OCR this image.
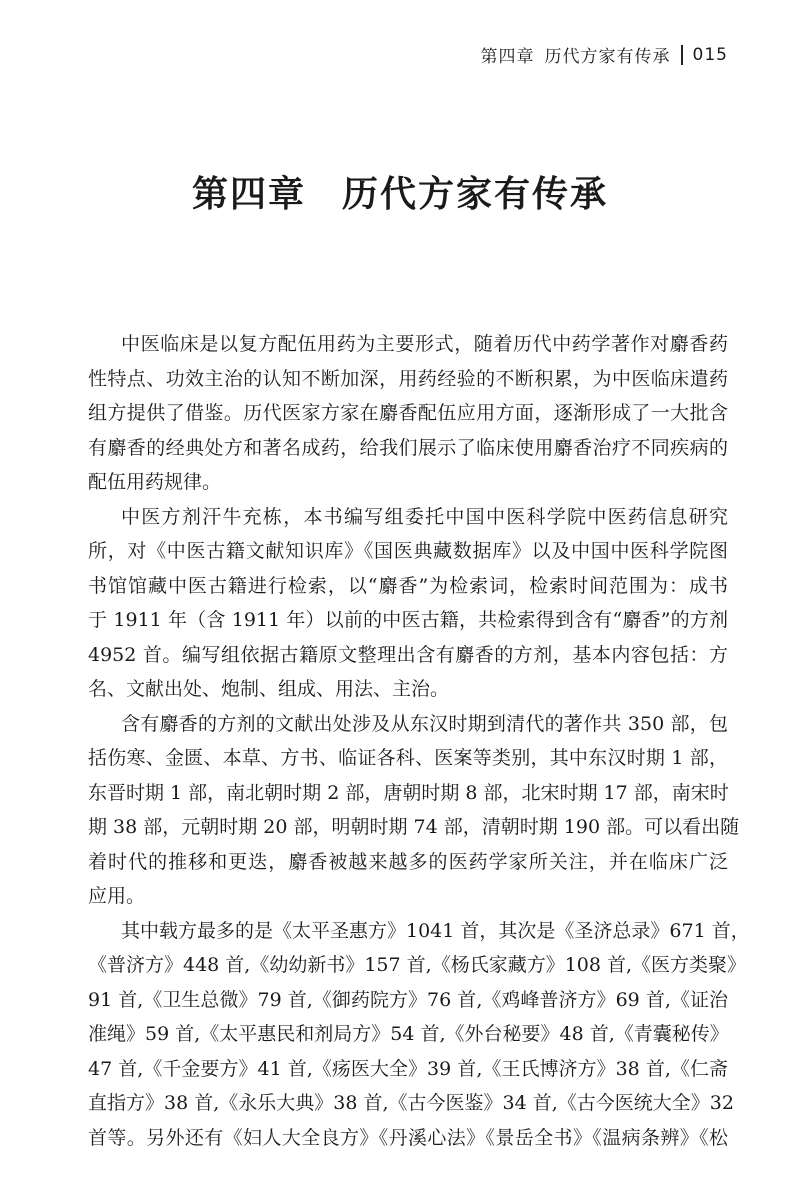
第四章 历代方家有传承 015
第四章 历代方家有传承
中医临床是以复方配伍用药为主要形式，随着历代中药学著作对麝香药
性特点、功效主治的认知不断加深，用药经验的不断积累，为中医临床遣药
组方提供了借鉴。历代医家方家在麝香配伍应用方面，逐渐形成了一大批含
有麝香的经典处方和著名成药，给我们展示了临床使用麝香治疗不同疾病的
配伍用药规律。
中医方剂汗牛充栋，本书编写组委托中国中医科学院中医药信息研究
所，对《中医古籍文献知识库》《国医典藏数据库》以及中国中医科学院图
书馆馆藏中医古籍进行检索，以“麝香”为检索词，检索时间范围为：成书
于 1911 年（含 1911 年）以前的中医古籍，共检索得到含有“麝香”的方剂
4952 首。编写组依据古籍原文整理出含有麝香的方剂，基本内容包括：方
名、文献出处、炮制、组成、用法、主治。
含有麝香的方剂的文献出处涉及从东汉时期到清代的著作共 350 部，包
括伤寒、金匮、本草、方书、临证各科、医案等类别，其中东汉时期 1 部，
东晋时期 1 部，南北朝时期 2 部，唐朝时期 8 部，北宋时期 17 部，南宋时
期 38 部，元朝时期 20 部，明朝时期 74 部，清朝时期 190 部。可以看出随
着时代的推移和更迭，麝香被越来越多的医药学家所关注，并在临床广泛
应用。
其中载方最多的是《太平圣惠方》1041 首，其次是《圣济总录》671 首，
《普济方》448 首,《幼幼新书》157 首,《杨氏家藏方》108 首,《医方类聚》
91 首,《卫生总微》79 首,《御药院方》76 首,《鸡峰普济方》69 首,《证治
准绳》59 首,《太平惠民和剂局方》54 首,《外台秘要》48 首,《青囊秘传》
47 首,《千金要方》41 首,《疡医大全》39 首,《王氏博济方》38 首,《仁斋
直指方》38 首,《永乐大典》38 首,《古今医鉴》34 首,《古今医统大全》32
首等。另外还有《妇人大全良方》《丹溪心法》《景岳全书》《温病条辨》《松
